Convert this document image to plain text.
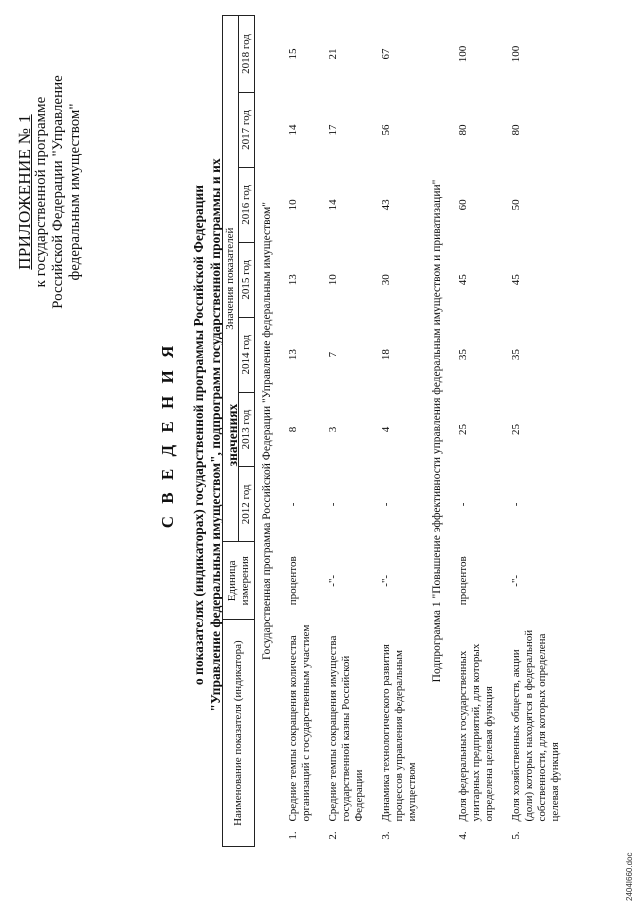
ПРИЛОЖЕНИЕ № 1 к государственной программе Российской Федерации "Управление федеральным имуществом"
С В Е Д Е Н И Я о показателях (индикаторах) государственной программы Российской Федерации "Управление федеральным имуществом", подпрограмм государственной программы и их значениях
Наименование показателя (индикатора)		Единица измерения	Значения показателей						
			2012 год	2013 год	2014 год	2015 год	2016 год	2017 год	2018 год
Государственная программа Российской Федерации "Управление федеральным имуществом"									
1.	Средние темпы сокращения количества организаций с государственным участием	процентов	-	8	13	13	10	14	15
2.	Средние темпы сокращения имущества государственной казны Российской Федерации	-"-	-	3	7	10	14	17	21
3.	Динамика технологического развития процессов управления федеральным имуществом	-"-	-	4	18	30	43	56	67
Подпрограмма 1 "Повышение эффективности управления федеральным имуществом и приватизации"									
4.	Доля федеральных государственных унитарных предприятий, для которых определена целевая функция	процентов	-	25	35	45	60	80	100
5.	Доля хозяйственных обществ, акции (доли) которых находятся в федеральной собственности, для которых определена целевая функция	-"-	-	25	35	45	50	80	100
2404I660.doc
